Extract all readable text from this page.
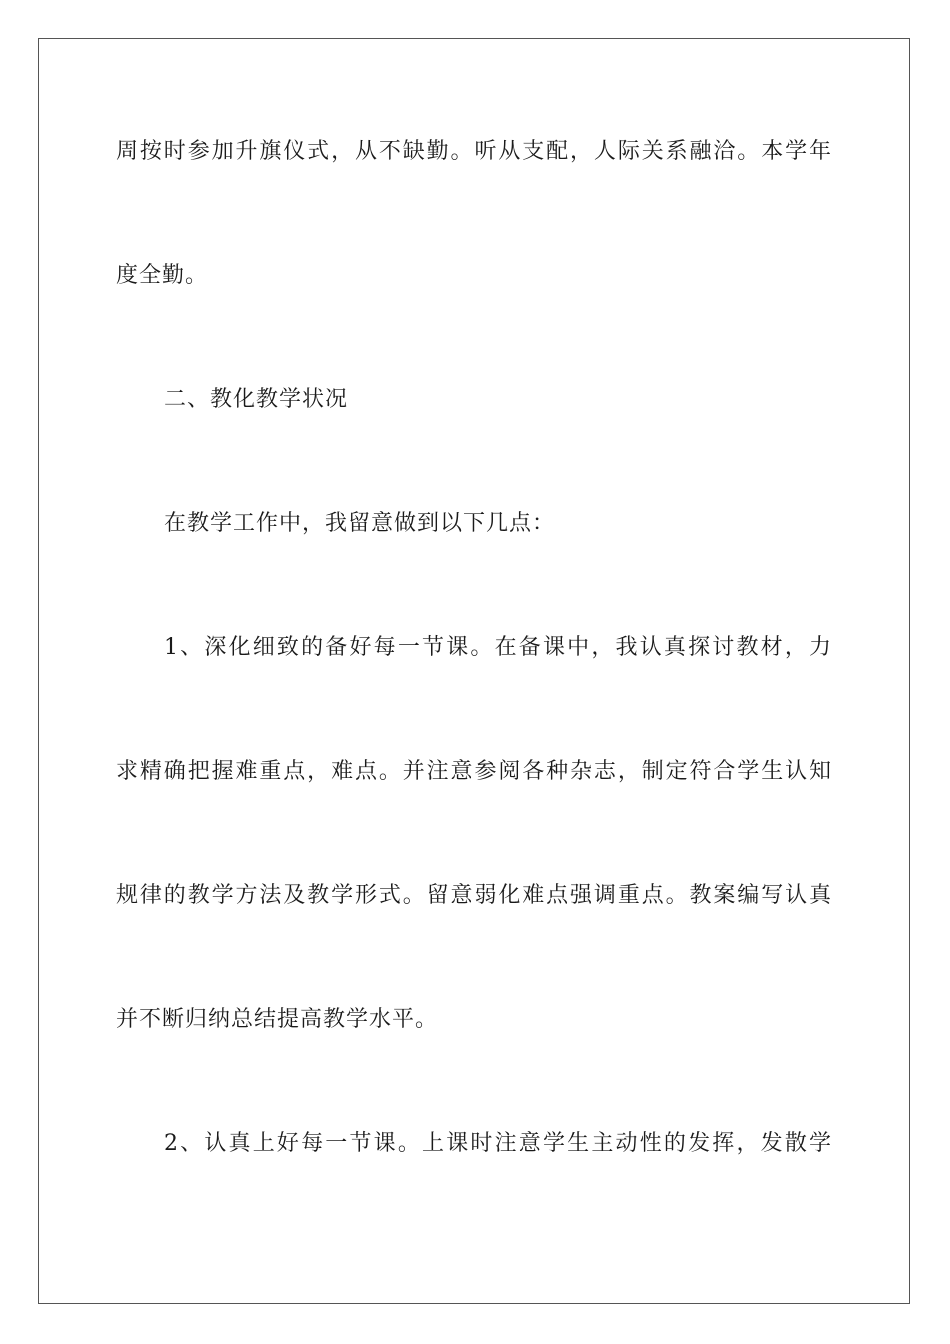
周按时参加升旗仪式，从不缺勤。听从支配，人际关系融洽。本学年
度全勤。
二、教化教学状况
在教学工作中，我留意做到以下几点：
1、深化细致的备好每一节课。在备课中，我认真探讨教材，力
求精确把握难重点，难点。并注意参阅各种杂志，制定符合学生认知
规律的教学方法及教学形式。留意弱化难点强调重点。教案编写认真
并不断归纳总结提高教学水平。
2、认真上好每一节课。上课时注意学生主动性的发挥，发散学
